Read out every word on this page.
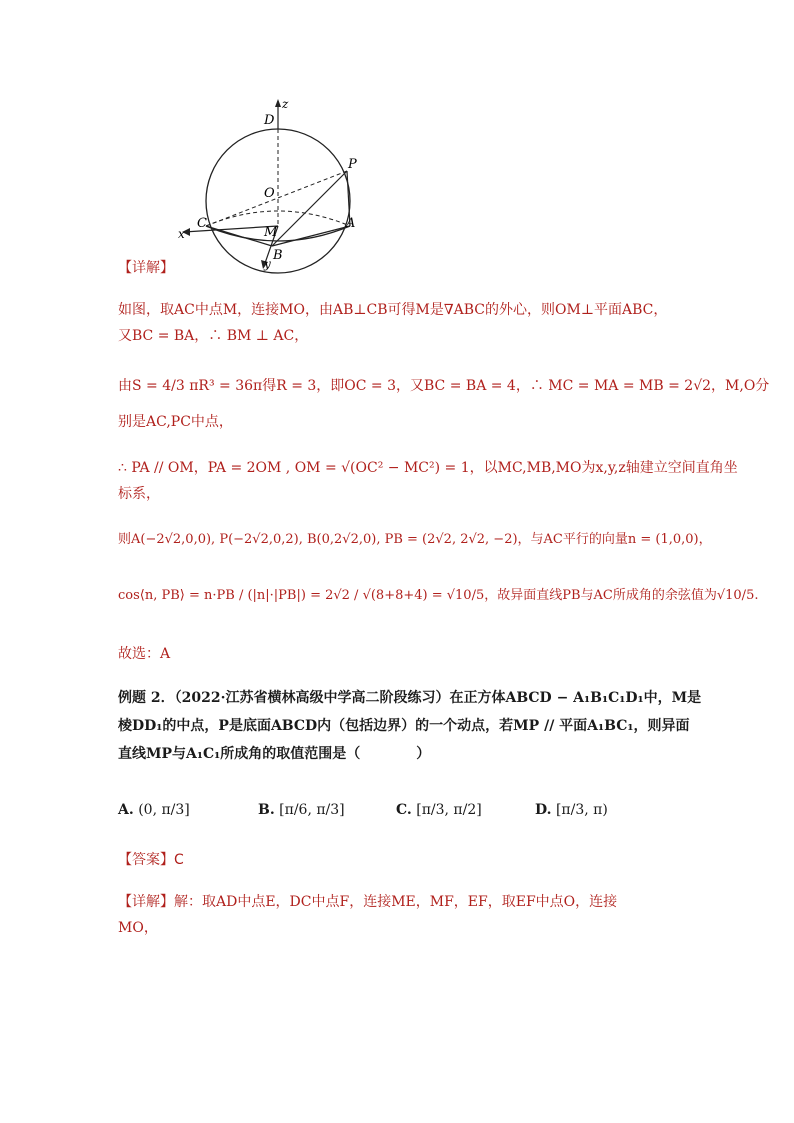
z
D
P
O
C	A
M
B
x
y
【详解】
如图，取AC中点M，连接MO，由AB⊥CB可得M是∇ABC的外心，则OM⊥平面ABC，
又BC = BA，∴ BM ⊥ AC，
由S = 4/3 πR³ = 36π得R = 3，即OC = 3，又BC = BA = 4，∴ MC = MA = MB = 2√2，M,O分
别是AC,PC中点，
∴ PA // OM，PA = 2OM , OM = √(OC² − MC²) = 1，以MC,MB,MO为x,y,z轴建立空间直角坐
标系，
则A(−2√2,0,0), P(−2√2,0,2), B(0,2√2,0), PB = (2√2, 2√2, −2)，与AC平行的向量n = (1,0,0)，
cos⟨n, PB⟩ = n·PB / (|n|·|PB|) = 2√2 / √(8+8+4) = √10/5，故异面直线PB与AC所成角的余弦值为√10/5.
故选：A
例题 2．（2022·江苏省横林高级中学高二阶段练习）在正方体ABCD − A₁B₁C₁D₁中，M是
棱DD₁的中点，P是底面ABCD内（包括边界）的一个动点，若MP // 平面A₁BC₁，则异面
直线MP与A₁C₁所成角的取值范围是（　　　　）
A. (0, π/3]	B. [π/6, π/3]	C. [π/3, π/2]	D. [π/3, π)
【答案】C
【详解】解：取AD中点E，DC中点F，连接ME，MF，EF，取EF中点O，连接
MO，
